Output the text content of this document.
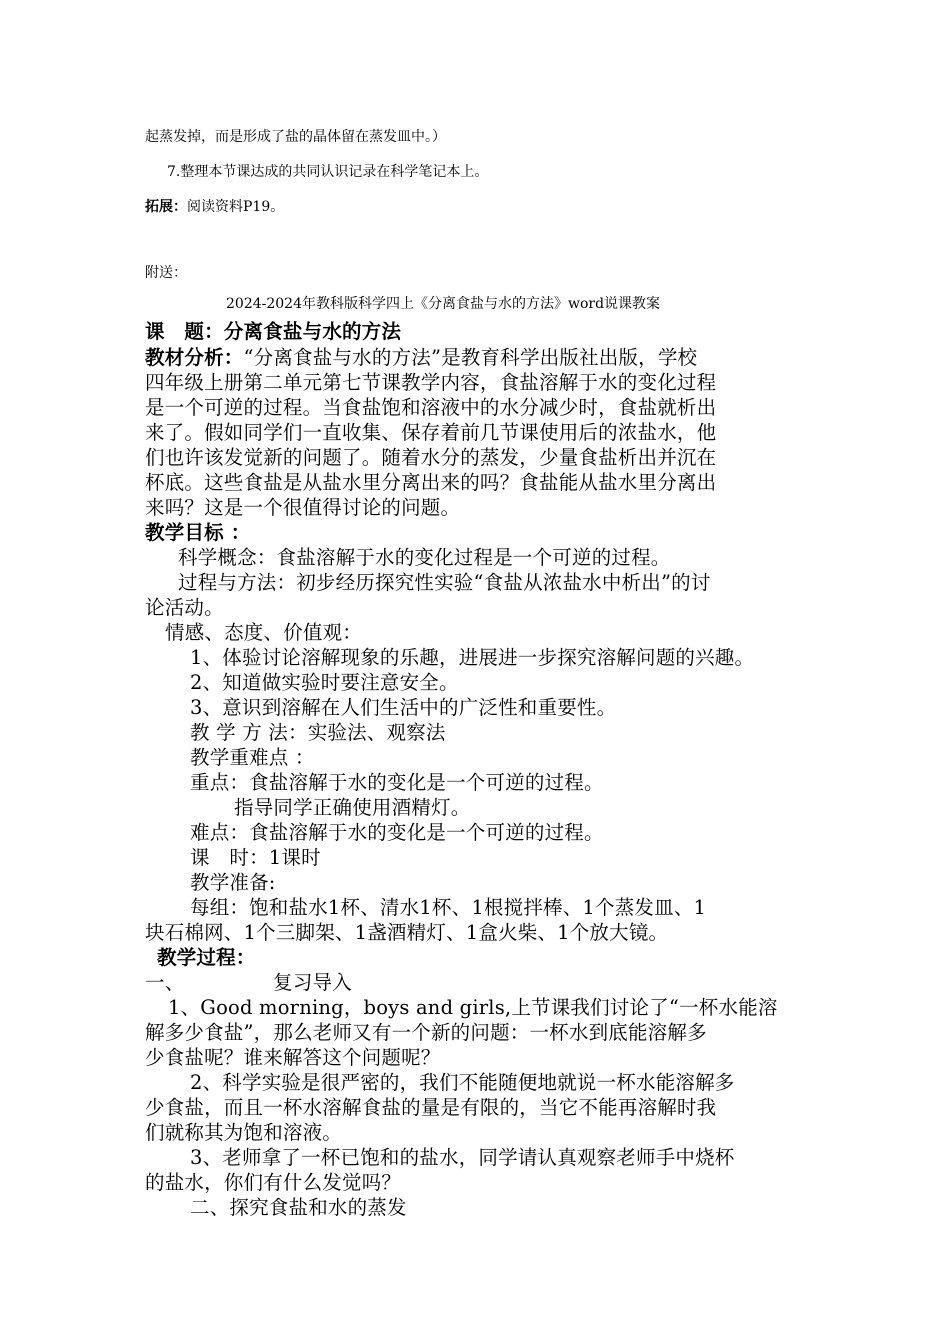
起蒸发掉，而是形成了盐的晶体留在蒸发皿中。）
7.整理本节课达成的共同认识记录在科学笔记本上。
拓展：阅读资料P19。
附送：
2024-2024年教科版科学四上《分离食盐与水的方法》word说课教案
课　题：分离食盐与水的方法
教材分析：“分离食盐与水的方法”是教育科学出版社出版，学校
四年级上册第二单元第七节课教学内容，食盐溶解于水的变化过程
是一个可逆的过程。当食盐饱和溶液中的水分减少时，食盐就析出
来了。假如同学们一直收集、保存着前几节课使用后的浓盐水，他
们也许该发觉新的问题了。随着水分的蒸发，少量食盐析出并沉在
杯底。这些食盐是从盐水里分离出来的吗？食盐能从盐水里分离出
来吗？这是一个很值得讨论的问题。
教学目标 ：
科学概念：食盐溶解于水的变化过程是一个可逆的过程。
过程与方法：初步经历探究性实验“食盐从浓盐水中析出”的讨
论活动。
情感、态度、价值观：
1、体验讨论溶解现象的乐趣，进展进一步探究溶解问题的兴趣。
2、知道做实验时要注意安全。
3、意识到溶解在人们生活中的广泛性和重要性。
教 学 方 法：实验法、观察法
教学重难点 ：
重点：食盐溶解于水的变化是一个可逆的过程。
指导同学正确使用酒精灯。
难点：食盐溶解于水的变化是一个可逆的过程。
课　时：1课时
教学准备:
每组：饱和盐水1杯、清水1杯、1根搅拌棒、1个蒸发皿、1
块石棉网、1个三脚架、1盏酒精灯、1盒火柴、1个放大镜。
教学过程：
一、　　　　　复习导入
1、Good morning，boys and girls,上节课我们讨论了“一杯水能溶
解多少食盐”，那么老师又有一个新的问题：一杯水到底能溶解多
少食盐呢？谁来解答这个问题呢？
2、科学实验是很严密的，我们不能随便地就说一杯水能溶解多
少食盐，而且一杯水溶解食盐的量是有限的，当它不能再溶解时我
们就称其为饱和溶液。
3、老师拿了一杯已饱和的盐水，同学请认真观察老师手中烧杯
的盐水，你们有什么发觉吗？
二、探究食盐和水的蒸发
